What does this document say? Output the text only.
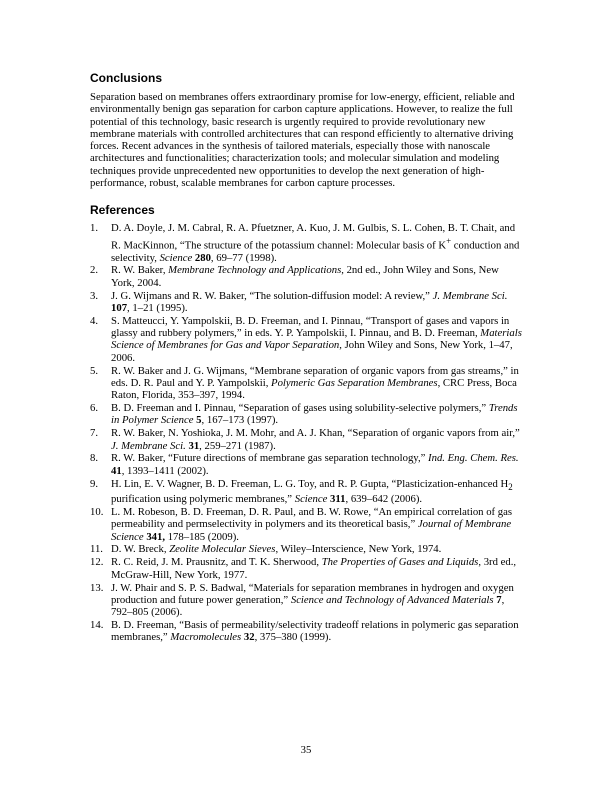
Conclusions

Separation based on membranes offers extraordinary promise for low-energy, efficient, reliable and environmentally benign gas separation for carbon capture applications. However, to realize the full potential of this technology, basic research is urgently required to provide revolutionary new membrane materials with controlled architectures that can respond efficiently to alternative driving forces. Recent advances in the synthesis of tailored materials, especially those with nanoscale architectures and functionalities; characterization tools; and molecular simulation and modeling techniques provide unprecedented new opportunities to develop the next generation of high-performance, robust, scalable membranes for carbon capture processes.

References
1.	D. A. Doyle, J. M. Cabral, R. A. Pfuetzner, A. Kuo, J. M. Gulbis, S. L. Cohen, B. T. Chait, and R. MacKinnon, “The structure of the potassium channel: Molecular basis of K+ conduction and selectivity, Science 280, 69–77 (1998).
2.	R. W. Baker, Membrane Technology and Applications, 2nd ed., John Wiley and Sons, New York, 2004.
3.	J. G. Wijmans and R. W. Baker, “The solution-diffusion model: A review,” J. Membrane Sci. 107, 1–21 (1995).
4.	S. Matteucci, Y. Yampolskii, B. D. Freeman, and I. Pinnau, “Transport of gases and vapors in glassy and rubbery polymers,” in eds. Y. P. Yampolskii, I. Pinnau, and B. D. Freeman, Materials Science of Membranes for Gas and Vapor Separation, John Wiley and Sons, New York, 1–47, 2006.
5.	R. W. Baker and J. G. Wijmans, “Membrane separation of organic vapors from gas streams,” in eds. D. R. Paul and Y. P. Yampolskii, Polymeric Gas Separation Membranes, CRC Press, Boca Raton, Florida, 353–397, 1994.
6.	B. D. Freeman and I. Pinnau, “Separation of gases using solubility-selective polymers,” Trends in Polymer Science 5, 167–173 (1997).
7.	R. W. Baker, N. Yoshioka, J. M. Mohr, and A. J. Khan, “Separation of organic vapors from air,” J. Membrane Sci. 31, 259–271 (1987).
8.	R. W. Baker, “Future directions of membrane gas separation technology,” Ind. Eng. Chem. Res. 41, 1393–1411 (2002).
9.	H. Lin, E. V. Wagner, B. D. Freeman, L. G. Toy, and R. P. Gupta, “Plasticization-enhanced $H_2$ purification using polymeric membranes,” Science 311, 639–642 (2006).
10. L. M. Robeson, B. D. Freeman, D. R. Paul, and B. W. Rowe, “An empirical correlation of gas permeability and permselectivity in polymers and its theoretical basis,” Journal of Membrane Science 341, 178–185 (2009).
11. D. W. Breck, Zeolite Molecular Sieves, Wiley–Interscience, New York, 1974.
12. R. C. Reid, J. M. Prausnitz, and T. K. Sherwood, The Properties of Gases and Liquids, 3rd ed., McGraw-Hill, New York, 1977.
13. J. W. Phair and S. P. S. Badwal, “Materials for separation membranes in hydrogen and oxygen production and future power generation,” Science and Technology of Advanced Materials 7, 792–805 (2006).
14. B. D. Freeman, “Basis of permeability/selectivity tradeoff relations in polymeric gas separation membranes,” Macromolecules 32, 375–380 (1999).
35
